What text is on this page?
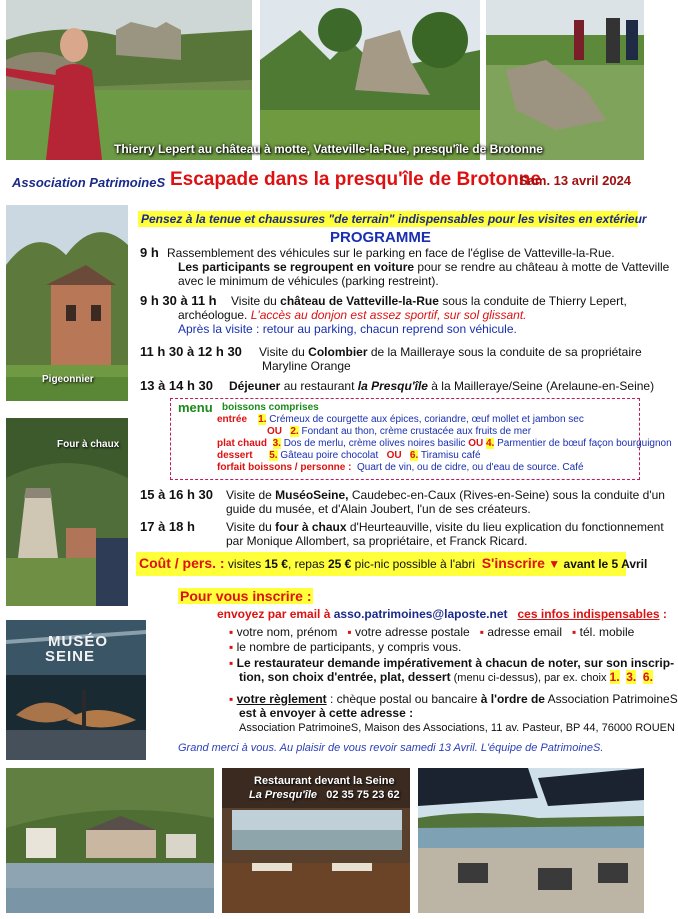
Thierry Lepert au château à motte, Vatteville-la-Rue, presqu'île de Brotonne
Association PatrimoineS Escapade dans la presqu'île de Brotonne
Sam. 13 avril 2024
Pigeonnier
Four à chaux
MUSÉO
SEINE
Pensez à la tenue et chaussures "de terrain" indispensables pour les visites en extérieur
PROGRAMME
9 h Rassemblement des véhicules sur le parking en face de l'église de Vatteville-la-Rue.
Les participants se regroupent en voiture pour se rendre au château à motte de Vatteville
avec le minimum de véhicules (parking restreint).
9 h 30 à 11 h Visite du château de Vatteville-la-Rue sous la conduite de Thierry Lepert,
archéologue. L'accès au donjon est assez sportif, sur sol glissant.
Après la visite : retour au parking, chacun reprend son véhicule.
11 h 30 à 12 h 30 Visite du Colombier de la Mailleraye sous la conduite de sa propriétaire
Maryline Orange
13 à 14 h 30 Déjeuner au restaurant la Presqu'île à la Mailleraye/Seine (Arelaune-en-Seine)
menu boissons comprises
entrée 1. Crémeux de courgette aux épices, coriandre, œuf mollet et jambon sec
OU 2. Fondant au thon, crème crustacée aux fruits de mer
plat chaud 3. Dos de merlu, crème olives noires basilic OU 4. Parmentier de bœuf façon bourguignon
dessert 5. Gâteau poire chocolat OU 6. Tiramisu café
forfait boissons / personne : Quart de vin, ou de cidre, ou d'eau de source. Café
15 à 16 h 30 Visite de MuséoSeine, Caudebec-en-Caux (Rives-en-Seine) sous la conduite d'un
guide du musée, et d'Alain Joubert, l'un de ses créateurs.
17 à 18 h	Visite du four à chaux d'Heurteauville, visite du lieu explication du fonctionnement
par Monique Allombert, sa propriétaire, et Franck Ricard.
Coût / pers. : visites 15 €, repas 25 € pic-nic possible à l'abri S'inscrire ▼ avant le 5 Avril
Pour vous inscrire :
envoyez par email à asso.patrimoines@laposte.net ces infos indispensables :
▪ votre nom, prénom ▪ votre adresse postale ▪ adresse email ▪ tél. mobile
▪ le nombre de participants, y compris vous.
▪ Le restaurateur demande impérativement à chacun de noter, sur son inscrip-
tion, son choix d'entrée, plat, dessert (menu ci-dessus), par ex. choix 1. 3. 6.
▪ votre règlement : chèque postal ou bancaire à l'ordre de Association PatrimoineS
est à envoyer à cette adresse :
Association PatrimoineS, Maison des Associations, 11 av. Pasteur, BP 44, 76000 ROUEN
Grand merci à vous. Au plaisir de vous revoir samedi 13 Avril. L'équipe de PatrimoineS.
Restaurant devant la Seine
La Presqu'île 02 35 75 23 62
